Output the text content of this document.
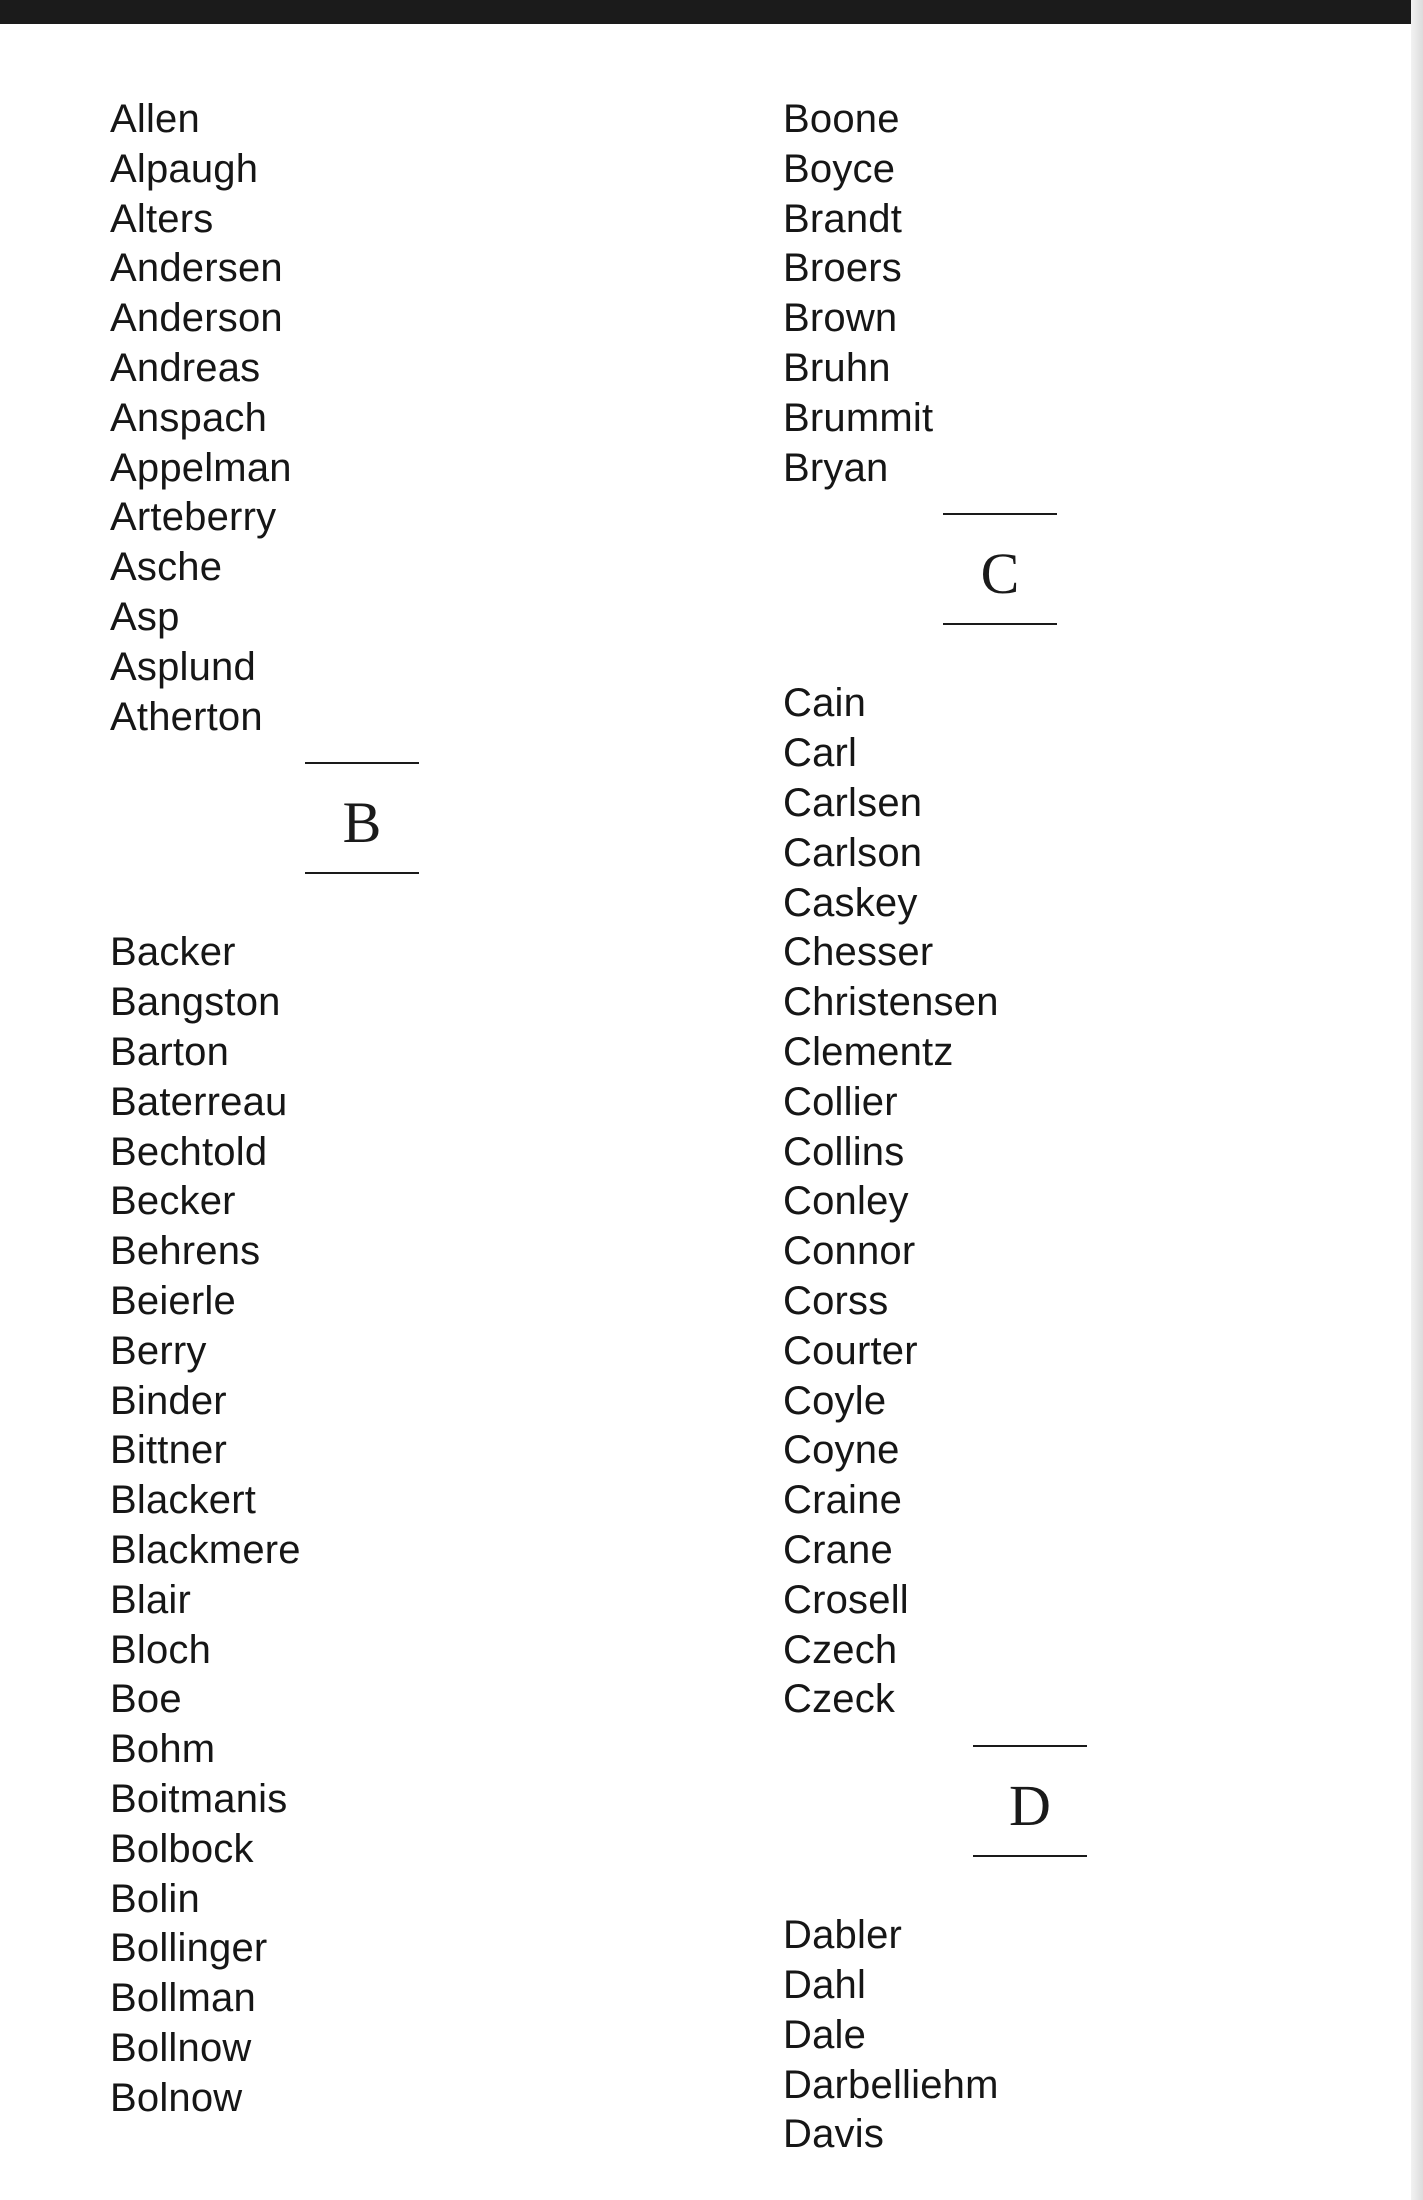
Allen
Alpaugh
Alters
Andersen
Anderson
Andreas
Anspach
Appelman
Arteberry
Asche
Asp
Asplund
Atherton
B
Backer
Bangston
Barton
Baterreau
Bechtold
Becker
Behrens
Beierle
Berry
Binder
Bittner
Blackert
Blackmere
Blair
Bloch
Boe
Bohm
Boitmanis
Bolbock
Bolin
Bollinger
Bollman
Bollnow
Bolnow
Boone
Boyce
Brandt
Broers
Brown
Bruhn
Brummit
Bryan
C
Cain
Carl
Carlsen
Carlson
Caskey
Chesser
Christensen
Clementz
Collier
Collins
Conley
Connor
Corss
Courter
Coyle
Coyne
Craine
Crane
Crosell
Czech
Czeck
D
Dabler
Dahl
Dale
Darbelliehm
Davis
